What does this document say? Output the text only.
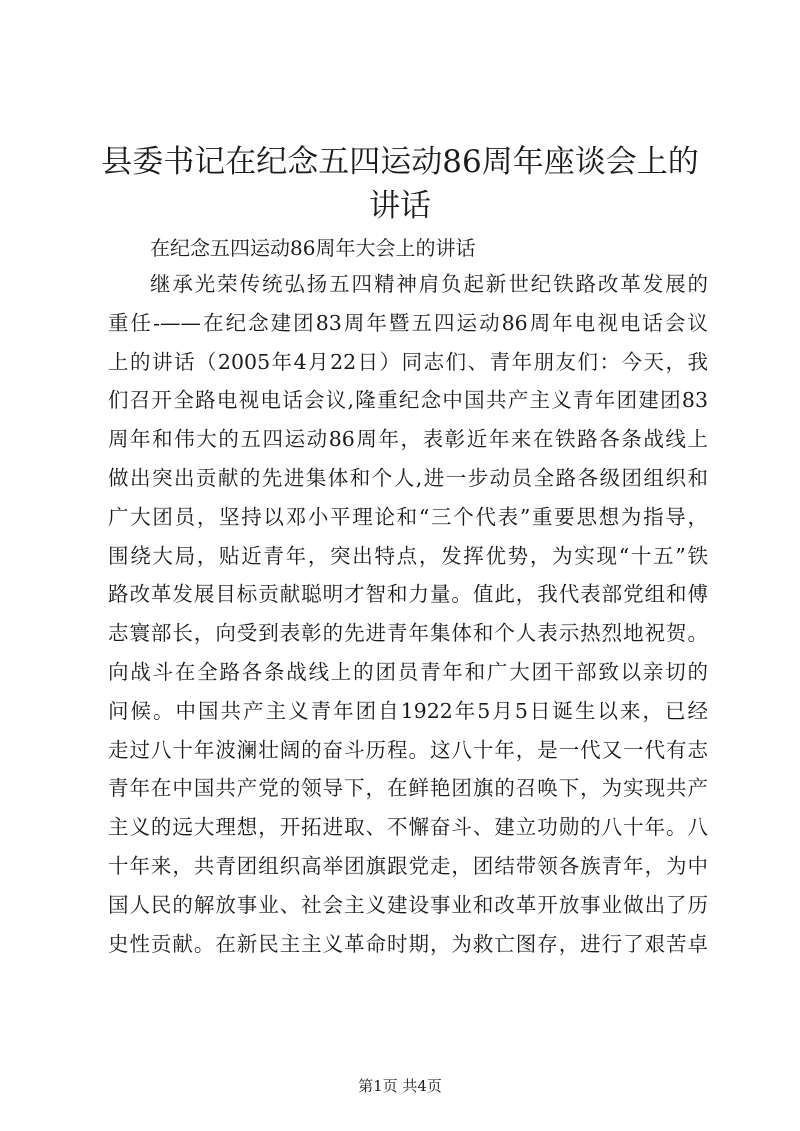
县委书记在纪念五四运动86周年座谈会上的
讲话

在纪念五四运动86周年大会上的讲话

继承光荣传统弘扬五四精神肩负起新世纪铁路改革发展的
重任-——在纪念建团83周年暨五四运动86周年电视电话会议
上的讲话（2005年4月22日）同志们、青年朋友们：今天，我
们召开全路电视电话会议,隆重纪念中国共产主义青年团建团83
周年和伟大的五四运动86周年，表彰近年来在铁路各条战线上
做出突出贡献的先进集体和个人,进一步动员全路各级团组织和
广大团员，坚持以邓小平理论和“三个代表”重要思想为指导，
围绕大局，贴近青年，突出特点，发挥优势，为实现“十五”铁
路改革发展目标贡献聪明才智和力量。值此，我代表部党组和傅
志寰部长，向受到表彰的先进青年集体和个人表示热烈地祝贺。
向战斗在全路各条战线上的团员青年和广大团干部致以亲切的
问候。中国共产主义青年团自1922年5月5日诞生以来，已经
走过八十年波澜壮阔的奋斗历程。这八十年，是一代又一代有志
青年在中国共产党的领导下，在鲜艳团旗的召唤下，为实现共产
主义的远大理想，开拓进取、不懈奋斗、建立功勋的八十年。八
十年来，共青团组织高举团旗跟党走，团结带领各族青年，为中
国人民的解放事业、社会主义建设事业和改革开放事业做出了历
史性贡献。在新民主主义革命时期，为救亡图存，进行了艰苦卓

第1页 共4页
